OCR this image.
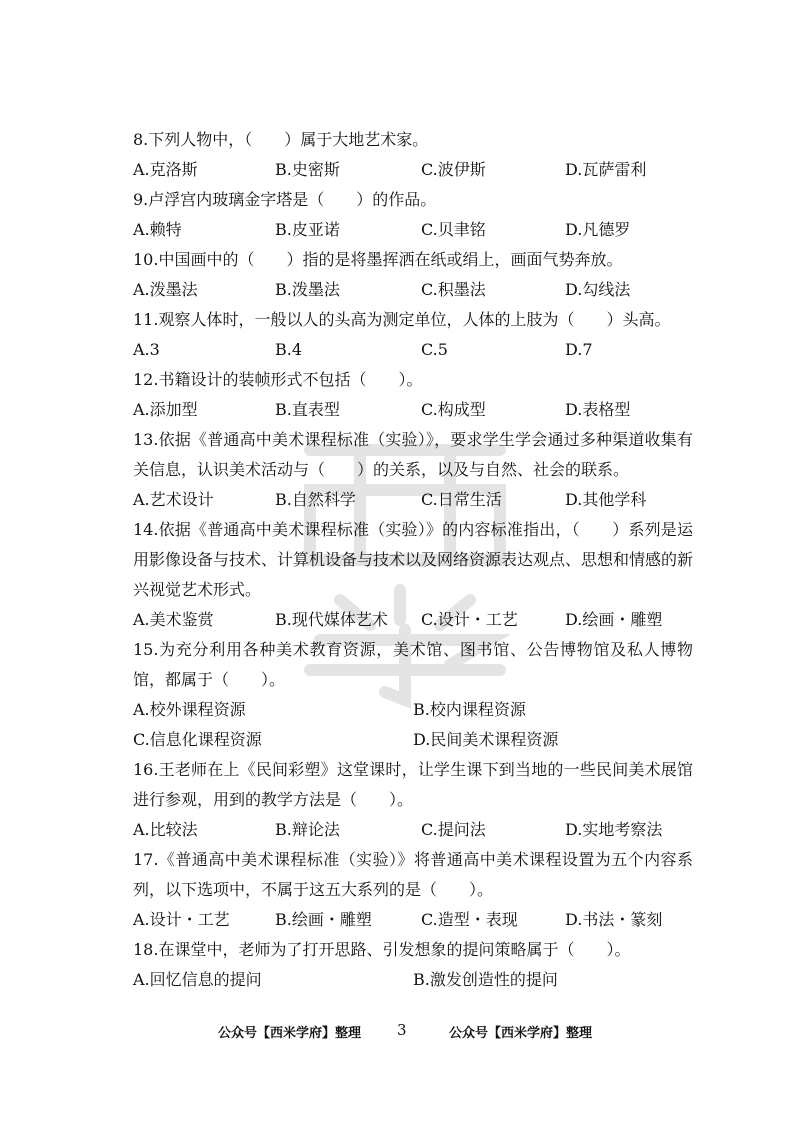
8.下列人物中，（　　）属于大地艺术家。
A.克洛斯	B.史密斯	C.波伊斯	D.瓦萨雷利
9.卢浮宫内玻璃金字塔是（　　）的作品。
A.赖特	B.皮亚诺	C.贝聿铭	D.凡德罗
10.中国画中的（　　）指的是将墨挥洒在纸或绢上，画面气势奔放。
A.泼墨法	B.泼墨法	C.积墨法	D.勾线法
11.观察人体时，一般以人的头高为测定单位，人体的上肢为（　　）头高。
A.3	B.4	C.5	D.7
12.书籍设计的装帧形式不包括（　　）。
A.添加型	B.直表型	C.构成型	D.表格型
13.依据《普通高中美术课程标准（实验）》，要求学生学会通过多种渠道收集有关信息，认识美术活动与（　　）的关系，以及与自然、社会的联系。
A.艺术设计	B.自然科学	C.日常生活	D.其他学科
14.依据《普通高中美术课程标准（实验）》的内容标准指出，（　　）系列是运用影像设备与技术、计算机设备与技术以及网络资源表达观点、思想和情感的新兴视觉艺术形式。
A.美术鉴赏	B.现代媒体艺术	C.设计・工艺	D.绘画・雕塑
15.为充分利用各种美术教育资源，美术馆、图书馆、公告博物馆及私人博物馆，都属于（　　）。
A.校外课程资源	B.校内课程资源
C.信息化课程资源	D.民间美术课程资源
16.王老师在上《民间彩塑》这堂课时，让学生课下到当地的一些民间美术展馆进行参观，用到的教学方法是（　　）。
A.比较法	B.辩论法	C.提问法	D.实地考察法
17.《普通高中美术课程标准（实验）》将普通高中美术课程设置为五个内容系列，以下选项中，不属于这五大系列的是（　　）。
A.设计・工艺	B.绘画・雕塑	C.造型・表现	D.书法・篆刻
18.在课堂中，老师为了打开思路、引发想象的提问策略属于（　　）。
A.回忆信息的提问	B.激发创造性的提问
公众号【西米学府】整理 3	公众号【西米学府】整理
